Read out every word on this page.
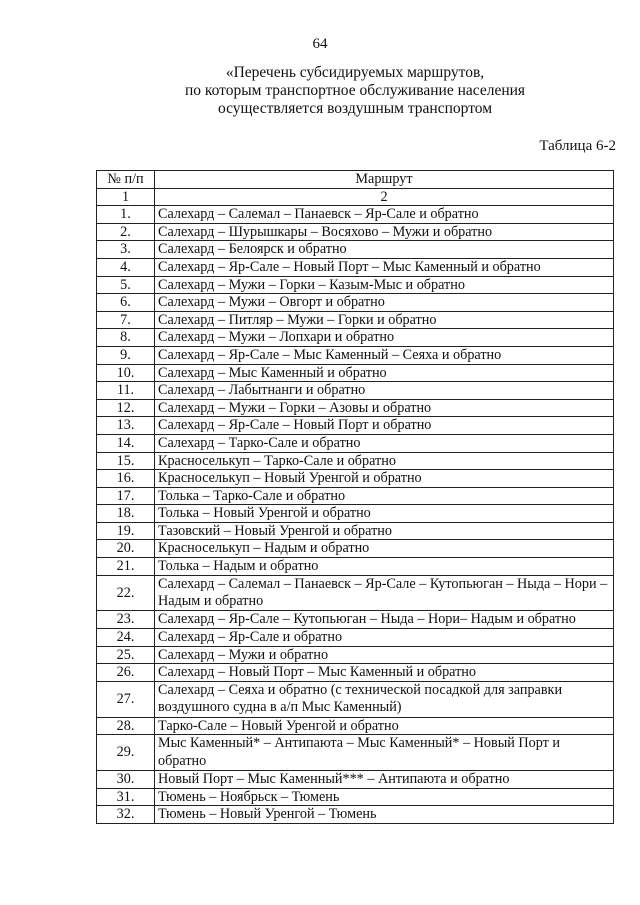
64
«Перечень субсидируемых маршрутов,
по которым транспортное обслуживание населения
осуществляется воздушным транспортом
Таблица 6-2
№ п/п	Маршрут
1	2
1.	Салехард – Салемал – Панаевск – Яр-Сале и обратно
2.	Салехард – Шурышкары – Восяхово – Мужи и обратно
3.	Салехард – Белоярск и обратно
4.	Салехард – Яр-Сале – Новый Порт – Мыс Каменный и обратно
5.	Салехард – Мужи – Горки – Казым-Мыс и обратно
6.	Салехард – Мужи – Овгорт и обратно
7.	Салехард – Питляр – Мужи – Горки и обратно
8.	Салехард – Мужи – Лопхари и обратно
9.	Салехард – Яр-Сале – Мыс Каменный – Сеяха и обратно
10.	Салехард – Мыс Каменный и обратно
11.	Салехард – Лабытнанги и обратно
12.	Салехард – Мужи – Горки – Азовы и обратно
13.	Салехард – Яр-Сале – Новый Порт и обратно
14.	Салехард – Тарко-Сале и обратно
15.	Красноселькуп – Тарко-Сале и обратно
16.	Красноселькуп – Новый Уренгой и обратно
17.	Толька – Тарко-Сале и обратно
18.	Толька – Новый Уренгой и обратно
19.	Тазовский – Новый Уренгой и обратно
20.	Красноселькуп – Надым и обратно
21.	Толька – Надым и обратно
22.	Салехард – Салемал – Панаевск – Яр-Сале – Кутопьюган – Ныда – Нори – Надым и обратно
23.	Салехард – Яр-Сале – Кутопьюган – Ныда – Нори– Надым и обратно
24.	Салехард – Яр-Сале и обратно
25.	Салехард – Мужи и обратно
26.	Салехард – Новый Порт – Мыс Каменный и обратно
27.	Салехард – Сеяха и обратно (с технической посадкой для заправки воздушного судна в а/п Мыс Каменный)
28.	Тарко-Сале – Новый Уренгой и обратно
29.	Мыс Каменный* – Антипаюта – Мыс Каменный* – Новый Порт и обратно
30.	Новый Порт – Мыс Каменный*** – Антипаюта и обратно
31.	Тюмень – Ноябрьск – Тюмень
32.	Тюмень – Новый Уренгой – Тюмень
